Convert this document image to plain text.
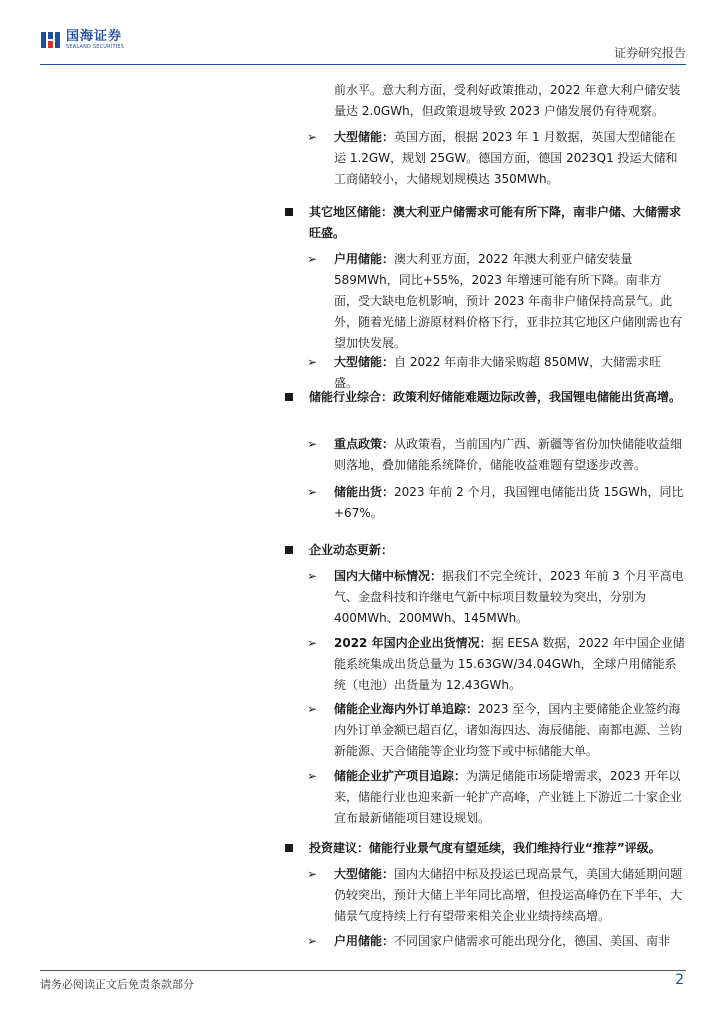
国海证券
SEALAND SECURITIES	证券研究报告
前水平。意大利方面，受利好政策推动，2022 年意大利户储安装量达 2.0GWh，但政策退坡导致 2023 户储发展仍有待观察。
➢	大型储能：英国方面，根据 2023 年 1 月数据，英国大型储能在运 1.2GW，规划 25GW。德国方面，德国 2023Q1 投运大储和工商储较小，大储规划规模达 350MWh。
其它地区储能：澳大利亚户储需求可能有所下降，南非户储、大储需求旺盛。
➢	户用储能：澳大利亚方面，2022 年澳大利亚户储安装量 589MWh，同比+55%，2023 年增速可能有所下降。南非方面，受大缺电危机影响，预计 2023 年南非户储保持高景气。此外，随着光储上游原材料价格下行，亚非拉其它地区户储刚需也有望加快发展。
➢	大型储能：自 2022 年南非大储采购超 850MW，大储需求旺盛。
储能行业综合：政策利好储能难题边际改善，我国锂电储能出货高增。
➢	重点政策：从政策看，当前国内广西、新疆等省份加快储能收益细则落地，叠加储能系统降价，储能收益难题有望逐步改善。
➢	储能出货：2023 年前 2 个月，我国锂电储能出货 15GWh，同比+67%。
企业动态更新：
➢	国内大储中标情况：据我们不完全统计，2023 年前 3 个月平高电气、金盘科技和许继电气新中标项目数量较为突出，分别为 400MWh、200MWh、145MWh。
➢	2022 年国内企业出货情况：据 EESA 数据，2022 年中国企业储能系统集成出货总量为 15.63GW/34.04GWh，全球户用储能系统（电池）出货量为 12.43GWh。
➢	储能企业海内外订单追踪：2023 至今，国内主要储能企业签约海内外订单金额已超百亿，诸如海四达、海辰储能、南都电源、兰钧新能源、天合储能等企业均签下或中标储能大单。
➢	储能企业扩产项目追踪：为满足储能市场陡增需求，2023 开年以来，储能行业也迎来新一轮扩产高峰，产业链上下游近二十家企业宣布最新储能项目建设规划。
投资建议：储能行业景气度有望延续，我们维持行业“推荐”评级。
➢	大型储能：国内大储招中标及投运已现高景气，美国大储延期问题仍较突出，预计大储上半年同比高增，但投运高峰仍在下半年，大储景气度持续上行有望带来相关企业业绩持续高增。
➢	户用储能：不同国家户储需求可能出现分化，德国、美国、南非
请务必阅读正文后免责条款部分	2
